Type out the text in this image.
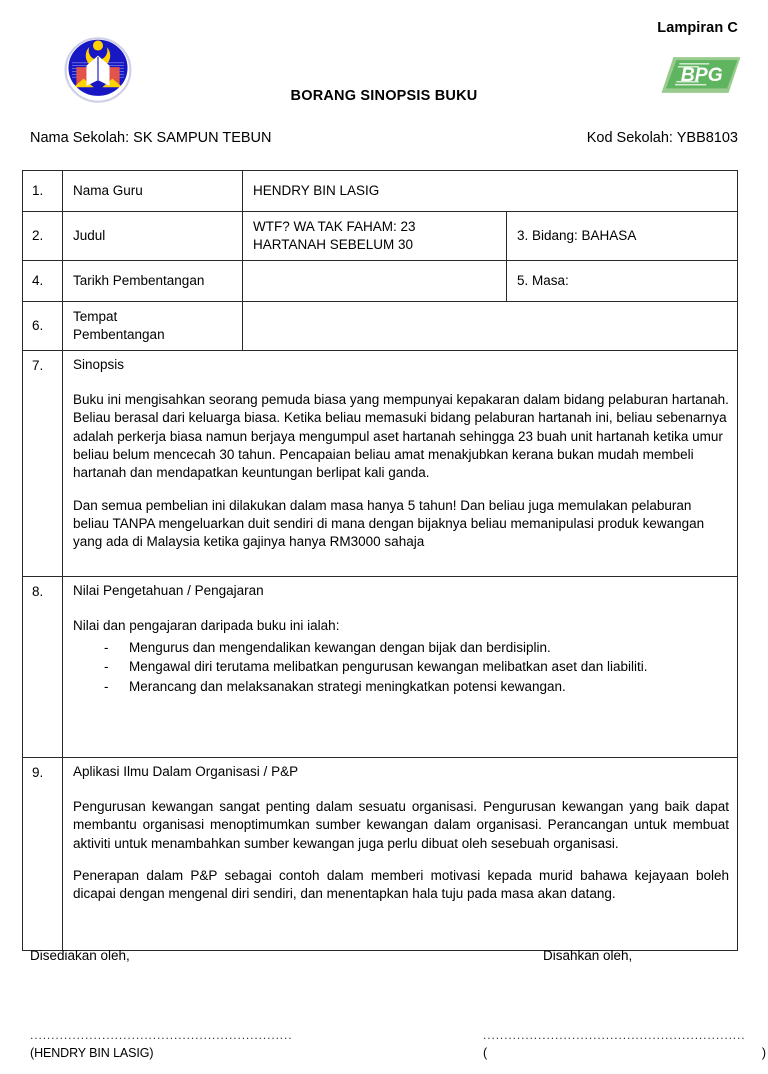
Lampiran C
BPG
BORANG SINOPSIS BUKU
Nama Sekolah: SK SAMPUN TEBUN	Kod Sekolah: YBB8103
1.	Nama Guru	HENDRY BIN LASIG	
2.	Judul	WTF? WA TAK FAHAM: 23
HARTANAH SEBELUM 30	3. Bidang: BAHASA
4.	Tarikh Pembentangan		5. Masa:
6.	Tempat
Pembentangan		

7.	Sinopsis

Buku ini mengisahkan seorang pemuda biasa yang mempunyai kepakaran dalam bidang pelaburan hartanah. Beliau berasal dari keluarga biasa. Ketika beliau memasuki bidang pelaburan hartanah ini, beliau sebenarnya adalah perkerja biasa namun berjaya mengumpul aset hartanah sehingga 23 buah unit hartanah ketika umur beliau belum mencecah 30 tahun. Pencapaian beliau amat menakjubkan kerana bukan mudah membeli hartanah dan mendapatkan keuntungan berlipat kali ganda.

Dan semua pembelian ini dilakukan dalam masa hanya 5 tahun! Dan beliau juga memulakan pelaburan beliau TANPA mengeluarkan duit sendiri di mana dengan bijaknya beliau memanipulasi produk kewangan yang ada di Malaysia ketika gajinya hanya RM3000 sahaja		

8.	Nilai Pengetahuan / Pengajaran
Nilai dan pengajaran daripada buku ini ialah:
- Mengurus dan mengendalikan kewangan dengan bijak dan berdisiplin.
- Mengawal diri terutama melibatkan pengurusan kewangan melibatkan aset dan liabiliti.
- Merancang dan melaksanakan strategi meningkatkan potensi kewangan.

9.	Aplikasi Ilmu Dalam Organisasi / P&P

Pengurusan kewangan sangat penting dalam sesuatu organisasi. Pengurusan kewangan yang baik dapat membantu organisasi menoptimumkan sumber kewangan dalam organisasi. Perancangan untuk membuat aktiviti untuk menambahkan sumber kewangan juga perlu dibuat oleh sesebuah organisasi.

Penerapan dalam P&P sebagai contoh dalam memberi motivasi kepada murid bahawa kejayaan boleh dicapai dengan mengenal diri sendiri, dan menentapkan hala tuju pada masa akan datang.		

Disediakan oleh,	Disahkan oleh,
..............................................................
(HENDRY BIN LASIG)
..............................................................
(	)
